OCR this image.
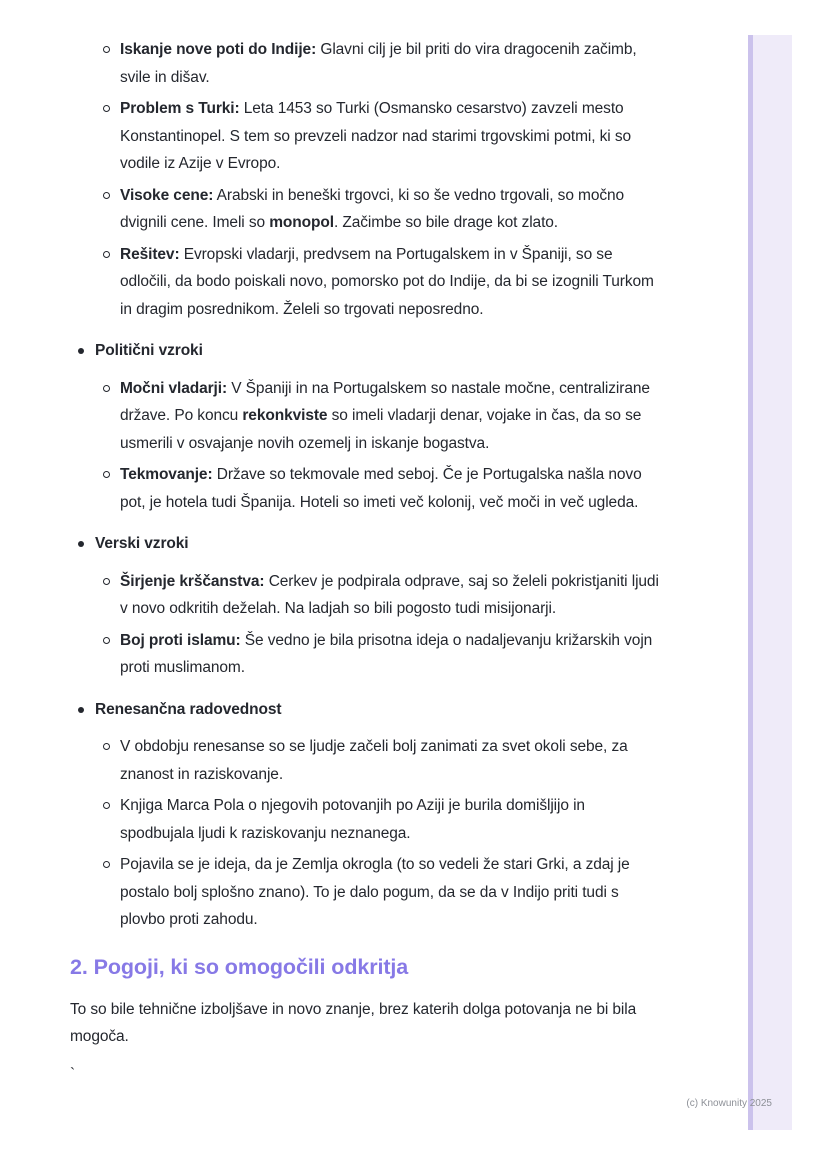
Iskanje nove poti do Indije: Glavni cilj je bil priti do vira dragocenih začimb, svile in dišav.

Problem s Turki: Leta 1453 so Turki (Osmansko cesarstvo) zavzeli mesto Konstantinopel. S tem so prevzeli nadzor nad starimi trgovskimi potmi, ki so vodile iz Azije v Evropo.

Visoke cene: Arabski in beneški trgovci, ki so še vedno trgovali, so močno dvignili cene. Imeli so monopol. Začimbe so bile drage kot zlato.

Rešitev: Evropski vladarji, predvsem na Portugalskem in v Španiji, so se odločili, da bodo poiskali novo, pomorsko pot do Indije, da bi se izognili Turkom in dragim posrednikom. Želeli so trgovati neposredno.

Politični vzroki

Močni vladarji: V Španiji in na Portugalskem so nastale močne, centralizirane države. Po koncu rekonkviste so imeli vladarji denar, vojake in čas, da so se usmerili v osvajanje novih ozemelj in iskanje bogastva.

Tekmovanje: Države so tekmovale med seboj. Če je Portugalska našla novo pot, je hotela tudi Španija. Hoteli so imeti več kolonij, več moči in več ugleda.

Verski vzroki

Širjenje krščanstva: Cerkev je podpirala odprave, saj so želeli pokristjaniti ljudi v novo odkritih deželah. Na ladjah so bili pogosto tudi misijonarji.

Boj proti islamu: Še vedno je bila prisotna ideja o nadaljevanju križarskih vojn proti muslimanom.

Renesančna radovednost

V obdobju renesanse so se ljudje začeli bolj zanimati za svet okoli sebe, za znanost in raziskovanje.

Knjiga Marca Pola o njegovih potovanjih po Aziji je burila domišljijo in spodbujala ljudi k raziskovanju neznanega.

Pojavila se je ideja, da je Zemlja okrogla (to so vedeli že stari Grki, a zdaj je postalo bolj splošno znano). To je dalo pogum, da se da v Indijo priti tudi s plovbo proti zahodu.

2. Pogoji, ki so omogočili odkritja

To so bile tehnične izboljšave in novo znanje, brez katerih dolga potovanja ne bi bila mogoča.

`
(c) Knowunity 2025
